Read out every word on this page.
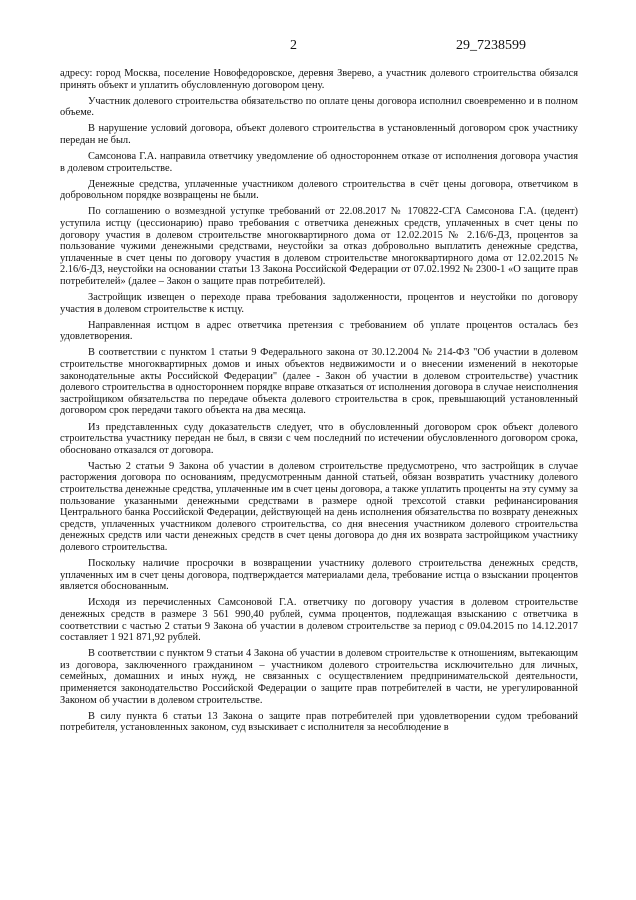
2	29_7238599

адресу: город Москва, поселение Новофедоровское, деревня Зверево, а участник долевого строительства обязался принять объект и уплатить обусловленную договором цену.

Участник долевого строительства обязательство по оплате цены договора исполнил своевременно и в полном объеме.

В нарушение условий договора, объект долевого строительства в установленный договором срок участнику передан не был.

Самсонова Г.А. направила ответчику уведомление об одностороннем отказе от исполнения договора участия в долевом строительстве.

Денежные средства, уплаченные участником долевого строительства в счёт цены договора, ответчиком в добровольном порядке возвращены не были.

По соглашению о возмездной уступке требований от 22.08.2017 № 170822-СГА Самсонова Г.А. (цедент) уступила истцу (цессионарию) право требования с ответчика денежных средств, уплаченных в счет цены по договору участия в долевом строительстве многоквартирного дома от 12.02.2015 № 2.16/6-ДЗ, процентов за пользование чужими денежными средствами, неустойки за отказ добровольно выплатить денежные средства, уплаченные в счет цены по договору участия в долевом строительстве многоквартирного дома от 12.02.2015 № 2.16/6-ДЗ, неустойки на основании статьи 13 Закона Российской Федерации от 07.02.1992 № 2300-1 «О защите прав потребителей» (далее – Закон о защите прав потребителей).

Застройщик извещен о переходе права требования задолженности, процентов и неустойки по договору участия в долевом строительстве к истцу.

Направленная истцом в адрес ответчика претензия с требованием об уплате процентов осталась без удовлетворения.

В соответствии с пунктом 1 статьи 9 Федерального закона от 30.12.2004 № 214-ФЗ "Об участии в долевом строительстве многоквартирных домов и иных объектов недвижимости и о внесении изменений в некоторые законодательные акты Российской Федерации" (далее - Закон об участии в долевом строительстве) участник долевого строительства в одностороннем порядке вправе отказаться от исполнения договора в случае неисполнения застройщиком обязательства по передаче объекта долевого строительства в срок, превышающий установленный договором срок передачи такого объекта на два месяца.

Из представленных суду доказательств следует, что в обусловленный договором срок объект долевого строительства участнику передан не был, в связи с чем последний по истечении обусловленного договором срока, обосновано отказался от договора.

Частью 2 статьи 9 Закона об участии в долевом строительстве предусмотрено, что застройщик в случае расторжения договора по основаниям, предусмотренным данной статьей, обязан возвратить участнику долевого строительства денежные средства, уплаченные им в счет цены договора, а также уплатить проценты на эту сумму за пользование указанными денежными средствами в размере одной трехсотой ставки рефинансирования Центрального банка Российской Федерации, действующей на день исполнения обязательства по возврату денежных средств, уплаченных участником долевого строительства, со дня внесения участником долевого строительства денежных средств или части денежных средств в счет цены договора до дня их возврата застройщиком участнику долевого строительства.

Поскольку наличие просрочки в возвращении участнику долевого строительства денежных средств, уплаченных им в счет цены договора, подтверждается материалами дела, требование истца о взыскании процентов является обоснованным.

Исходя из перечисленных Самсоновой Г.А. ответчику по договору участия в долевом строительстве денежных средств в размере 3 561 990,40 рублей, сумма процентов, подлежащая взысканию с ответчика в соответствии с частью 2 статьи 9 Закона об участии в долевом строительстве за период с 09.04.2015 по 14.12.2017 составляет 1 921 871,92 рублей.

В соответствии с пунктом 9 статьи 4 Закона об участии в долевом строительстве к отношениям, вытекающим из договора, заключенного гражданином – участником долевого строительства исключительно для личных, семейных, домашних и иных нужд, не связанных с осуществлением предпринимательской деятельности, применяется законодательство Российской Федерации о защите прав потребителей в части, не урегулированной Законом об участии в долевом строительстве.

В силу пункта 6 статьи 13 Закона о защите прав потребителей при удовлетворении судом требований потребителя, установленных законом, суд взыскивает с исполнителя за несоблюдение в
